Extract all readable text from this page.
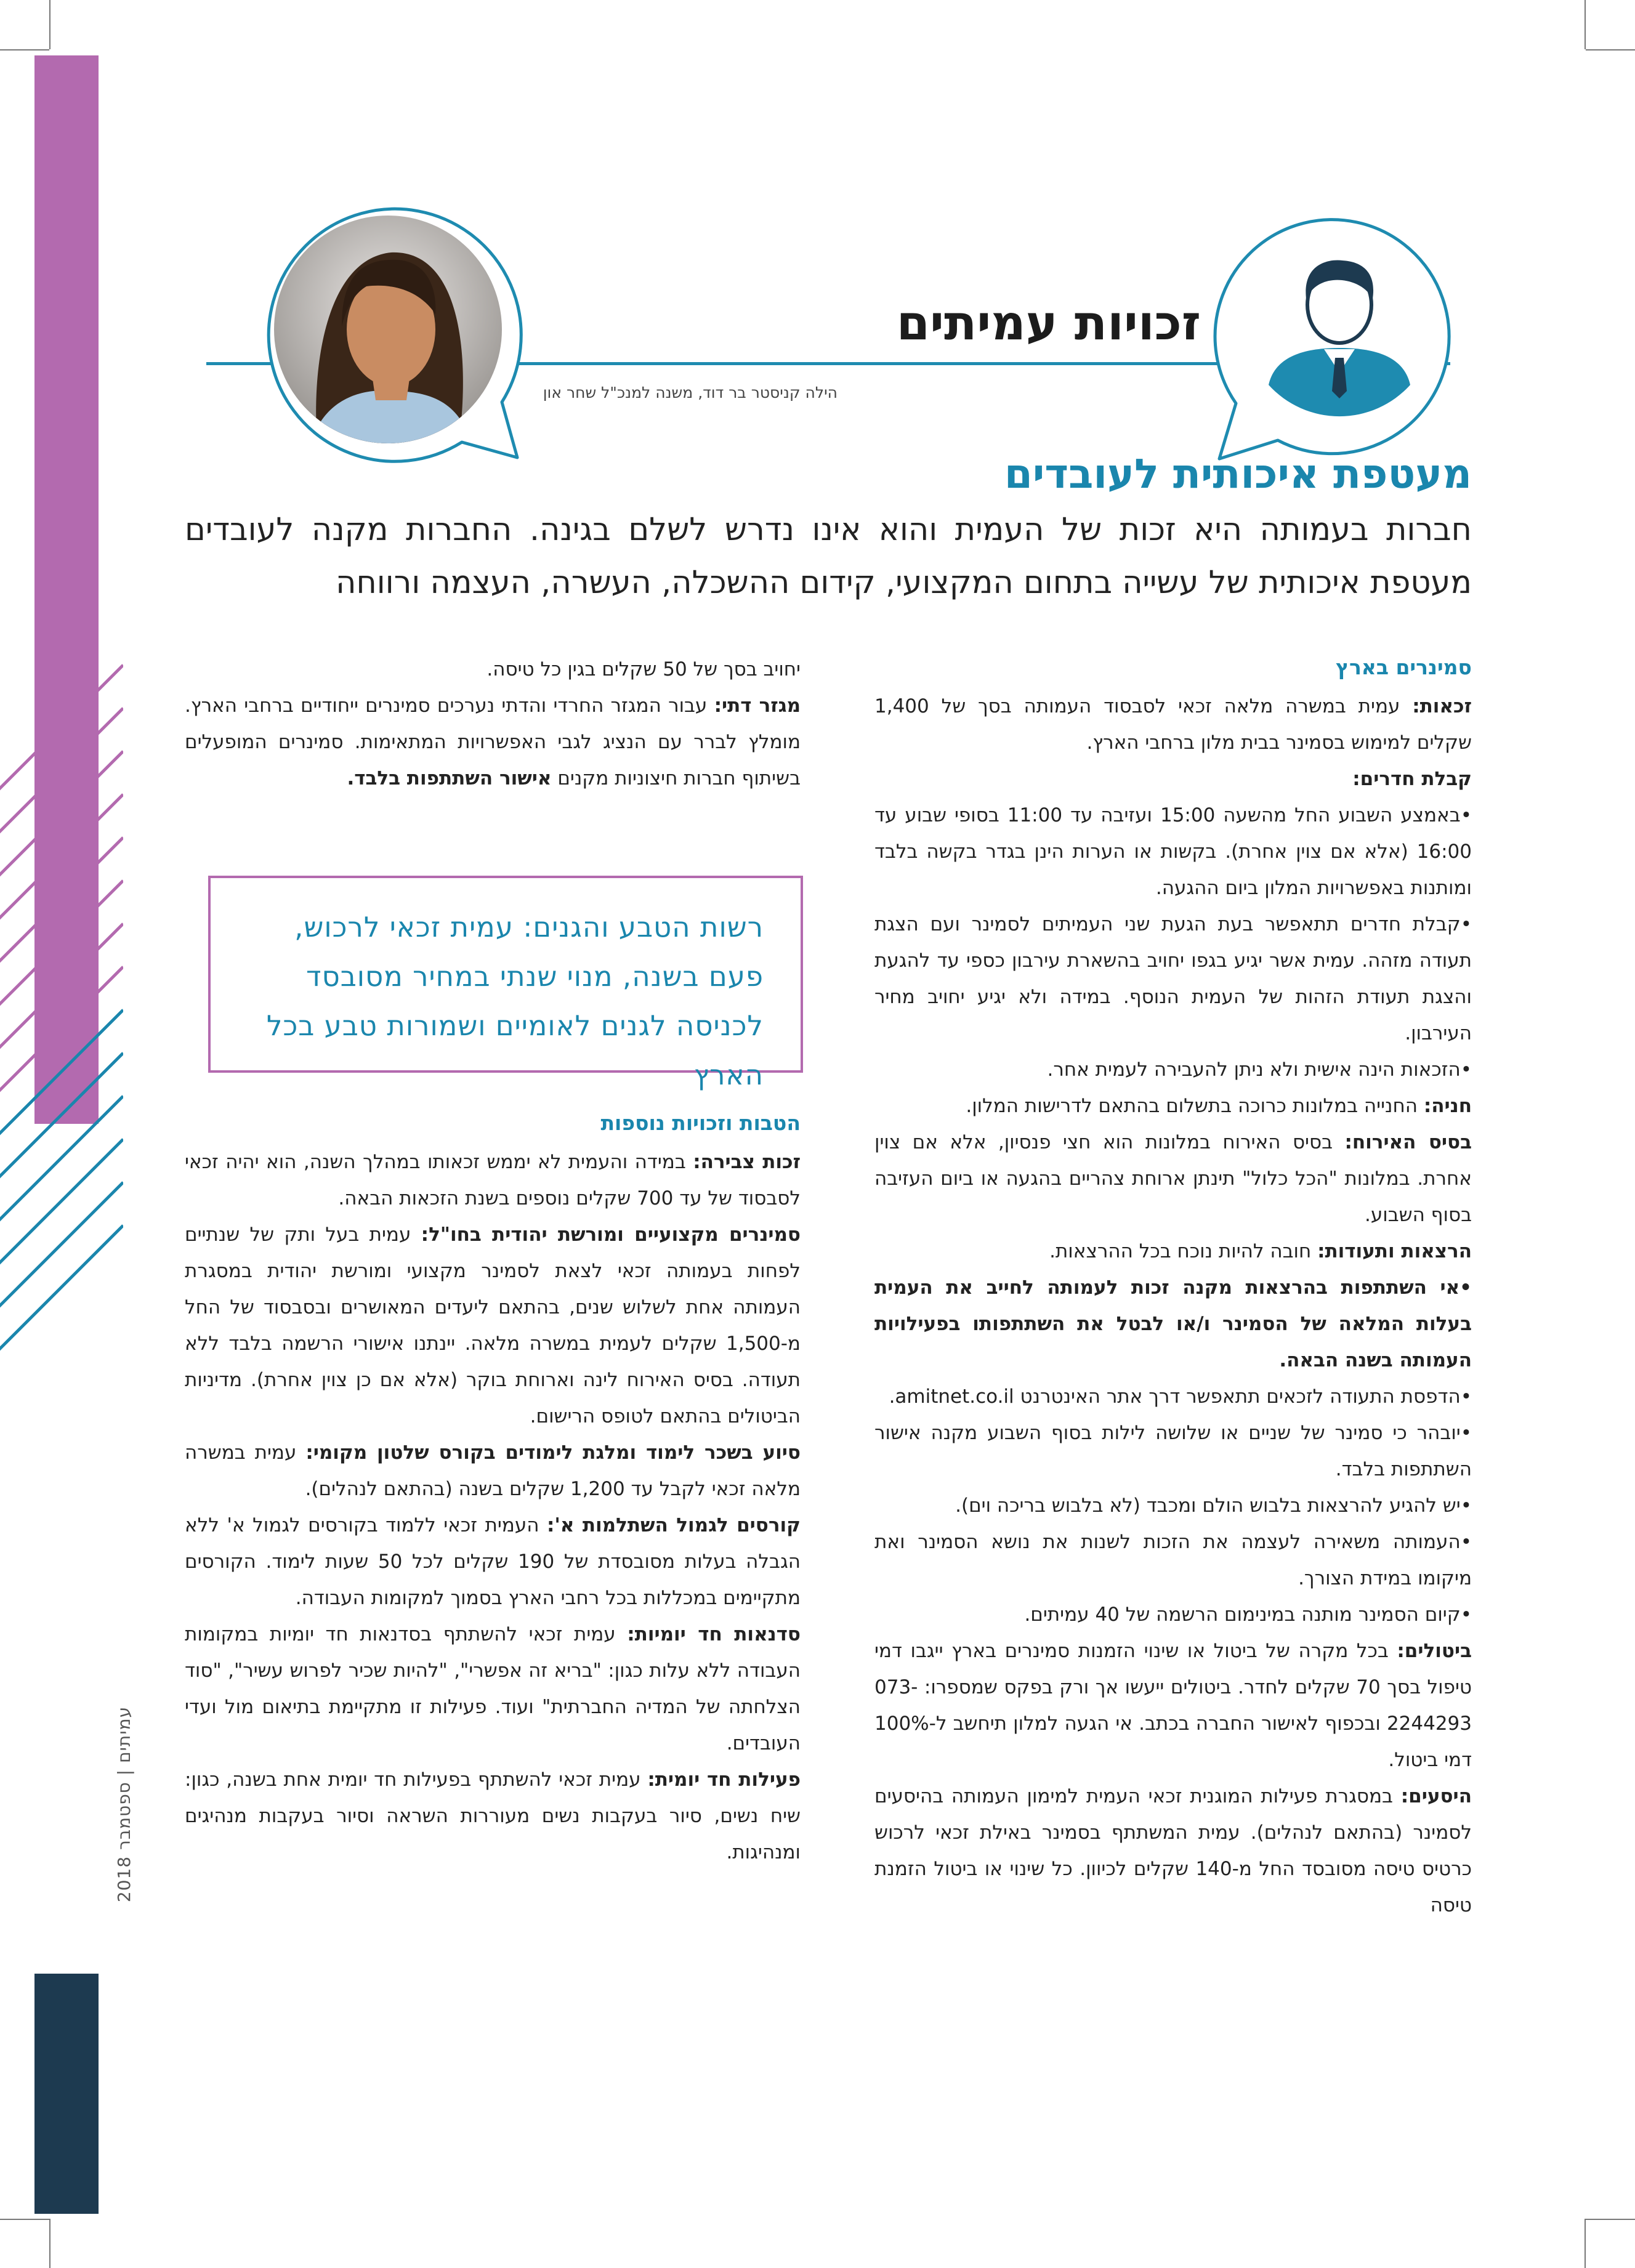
עמיתים | ספטמבר 2018
זכויות עמיתים
הילה קניסטר בר דוד, משנה למנכ"ל שחר און
מעטפת איכותית לעובדים
חברות בעמותה היא זכות של העמית והוא אינו נדרש לשלם בגינה. החברות מקנה לעובדים מעטפת איכותית של עשייה בתחום המקצועי, קידום ההשכלה, העשרה, העצמה ורווחה

סמינרים בארץ

זכאות: עמית במשרה מלאה זכאי לסבסוד העמותה בסך של 1,400 שקלים למימוש בסמינר בבית מלון ברחבי הארץ.

קבלת חדרים:

• באמצע השבוע החל מהשעה 15:00 ועזיבה עד 11:00 בסופי שבוע עד 16:00 (אלא אם צוין אחרת). בקשות או הערות הינן בגדר בקשה בלבד ומותנות באפשרויות המלון ביום ההגעה.

• קבלת חדרים תתאפשר בעת הגעת שני העמיתים לסמינר ועם הצגת תעודה מזהה. עמית אשר יגיע בגפו יחויב בהשארת עירבון כספי עד להגעת והצגת תעודת הזהות של העמית הנוסף. במידה ולא יגיע יחויב מחיר העירבון.

• הזכאות הינה אישית ולא ניתן להעבירה לעמית אחר.

חניה: החנייה במלונות כרוכה בתשלום בהתאם לדרישות המלון.

בסיס האירוח: בסיס האירוח במלונות הוא חצי פנסיון, אלא אם צוין אחרת. במלונות "הכל כלול" תינתן ארוחת צהריים בהגעה או ביום העזיבה בסוף השבוע.

הרצאות ותעודות: חובה להיות נוכח בכל ההרצאות.

• אי השתתפות בהרצאות מקנה זכות לעמותה לחייב את העמית בעלות המלאה של הסמינר ו/או לבטל את השתתפותו בפעילויות העמותה בשנה הבאה.

• הדפסת התעודה לזכאים תתאפשר דרך אתר האינטרנט amitnet.co.il.

• יובהר כי סמינר של שניים או שלושה לילות בסוף השבוע מקנה אישור השתתפות בלבד.

• יש להגיע להרצאות בלבוש הולם ומכבד (לא בלבוש בריכה וים).

• העמותה משאירה לעצמה את הזכות לשנות את נושא הסמינר ואת מיקומו במידת הצורך.

• קיום הסמינר מותנה במינימום הרשמה של 40 עמיתים.

ביטולים: בכל מקרה של ביטול או שינוי הזמנות סמינרים בארץ ייגבו דמי טיפול בסך 70 שקלים לחדר. ביטולים ייעשו אך ורק בפקס שמספרו: 073-2244293 ובכפוף לאישור החברה בכתב. אי הגעה למלון תיחשב ל-100% דמי ביטול.

היסעים: במסגרת פעילות המוגנית זכאי העמית למימון העמותה בהיסעים לסמינר (בהתאם לנהלים). עמית המשתתף בסמינר באילת זכאי לרכוש כרטיס טיסה מסובסד החל מ-140 שקלים לכיוון. כל שינוי או ביטול הזמנת טיסה

יחויב בסך של 50 שקלים בגין כל טיסה.

מגזר דתי: עבור המגזר החרדי והדתי נערכים סמינרים ייחודיים ברחבי הארץ. מומלץ לברר עם הנציג לגבי האפשרויות המתאימות. סמינרים המופעלים בשיתוף חברות חיצוניות מקנים אישור השתתפות בלבד.

רשות הטבע והגנים: עמית זכאי לרכוש, פעם בשנה, מנוי שנתי במחיר מסובסד לכניסה לגנים לאומיים ושמורות טבע בכל הארץ

הטבות וזכויות נוספות

זכות צבירה: במידה והעמית לא יממש זכאותו במהלך השנה, הוא יהיה זכאי לסבסוד של עד 700 שקלים נוספים בשנת הזכאות הבאה.

סמינרים מקצועיים ומורשת יהודית בחו"ל: עמית בעל ותק של שנתיים לפחות בעמותה זכאי לצאת לסמינר מקצועי ומורשת יהודית במסגרת העמותה אחת לשלוש שנים, בהתאם ליעדים המאושרים ובסבסוד של החל מ-1,500 שקלים לעמית במשרה מלאה. יינתנו אישורי הרשמה בלבד ללא תעודה. בסיס האירוח לינה וארוחת בוקר (אלא אם כן צוין אחרת). מדיניות הביטולים בהתאם לטופס הרישום.

סיוע בשכר לימוד ומלגת לימודים בקורס שלטון מקומי: עמית במשרה מלאה זכאי לקבל עד 1,200 שקלים בשנה (בהתאם לנהלים).

קורסים לגמול השתלמות א': העמית זכאי ללמוד בקורסים לגמול א' ללא הגבלה בעלות מסובסדת של 190 שקלים לכל 50 שעות לימוד. הקורסים מתקיימים במכללות בכל רחבי הארץ בסמוך למקומות העבודה.

סדנאות חד יומיות: עמית זכאי להשתתף בסדנאות חד יומיות במקומות העבודה ללא עלות כגון: "בריא זה אפשרי", "להיות שכיר לפרוש עשיר", "סוד הצלחתה של המדיה החברתית" ועוד. פעילות זו מתקיימת בתיאום מול ועדי העובדים.

פעילות חד יומית: עמית זכאי להשתתף בפעילות חד יומית אחת בשנה, כגון: שיח נשים, סיור בעקבות נשים מעוררות השראה וסיור בעקבות מנהיגים ומנהיגות.
